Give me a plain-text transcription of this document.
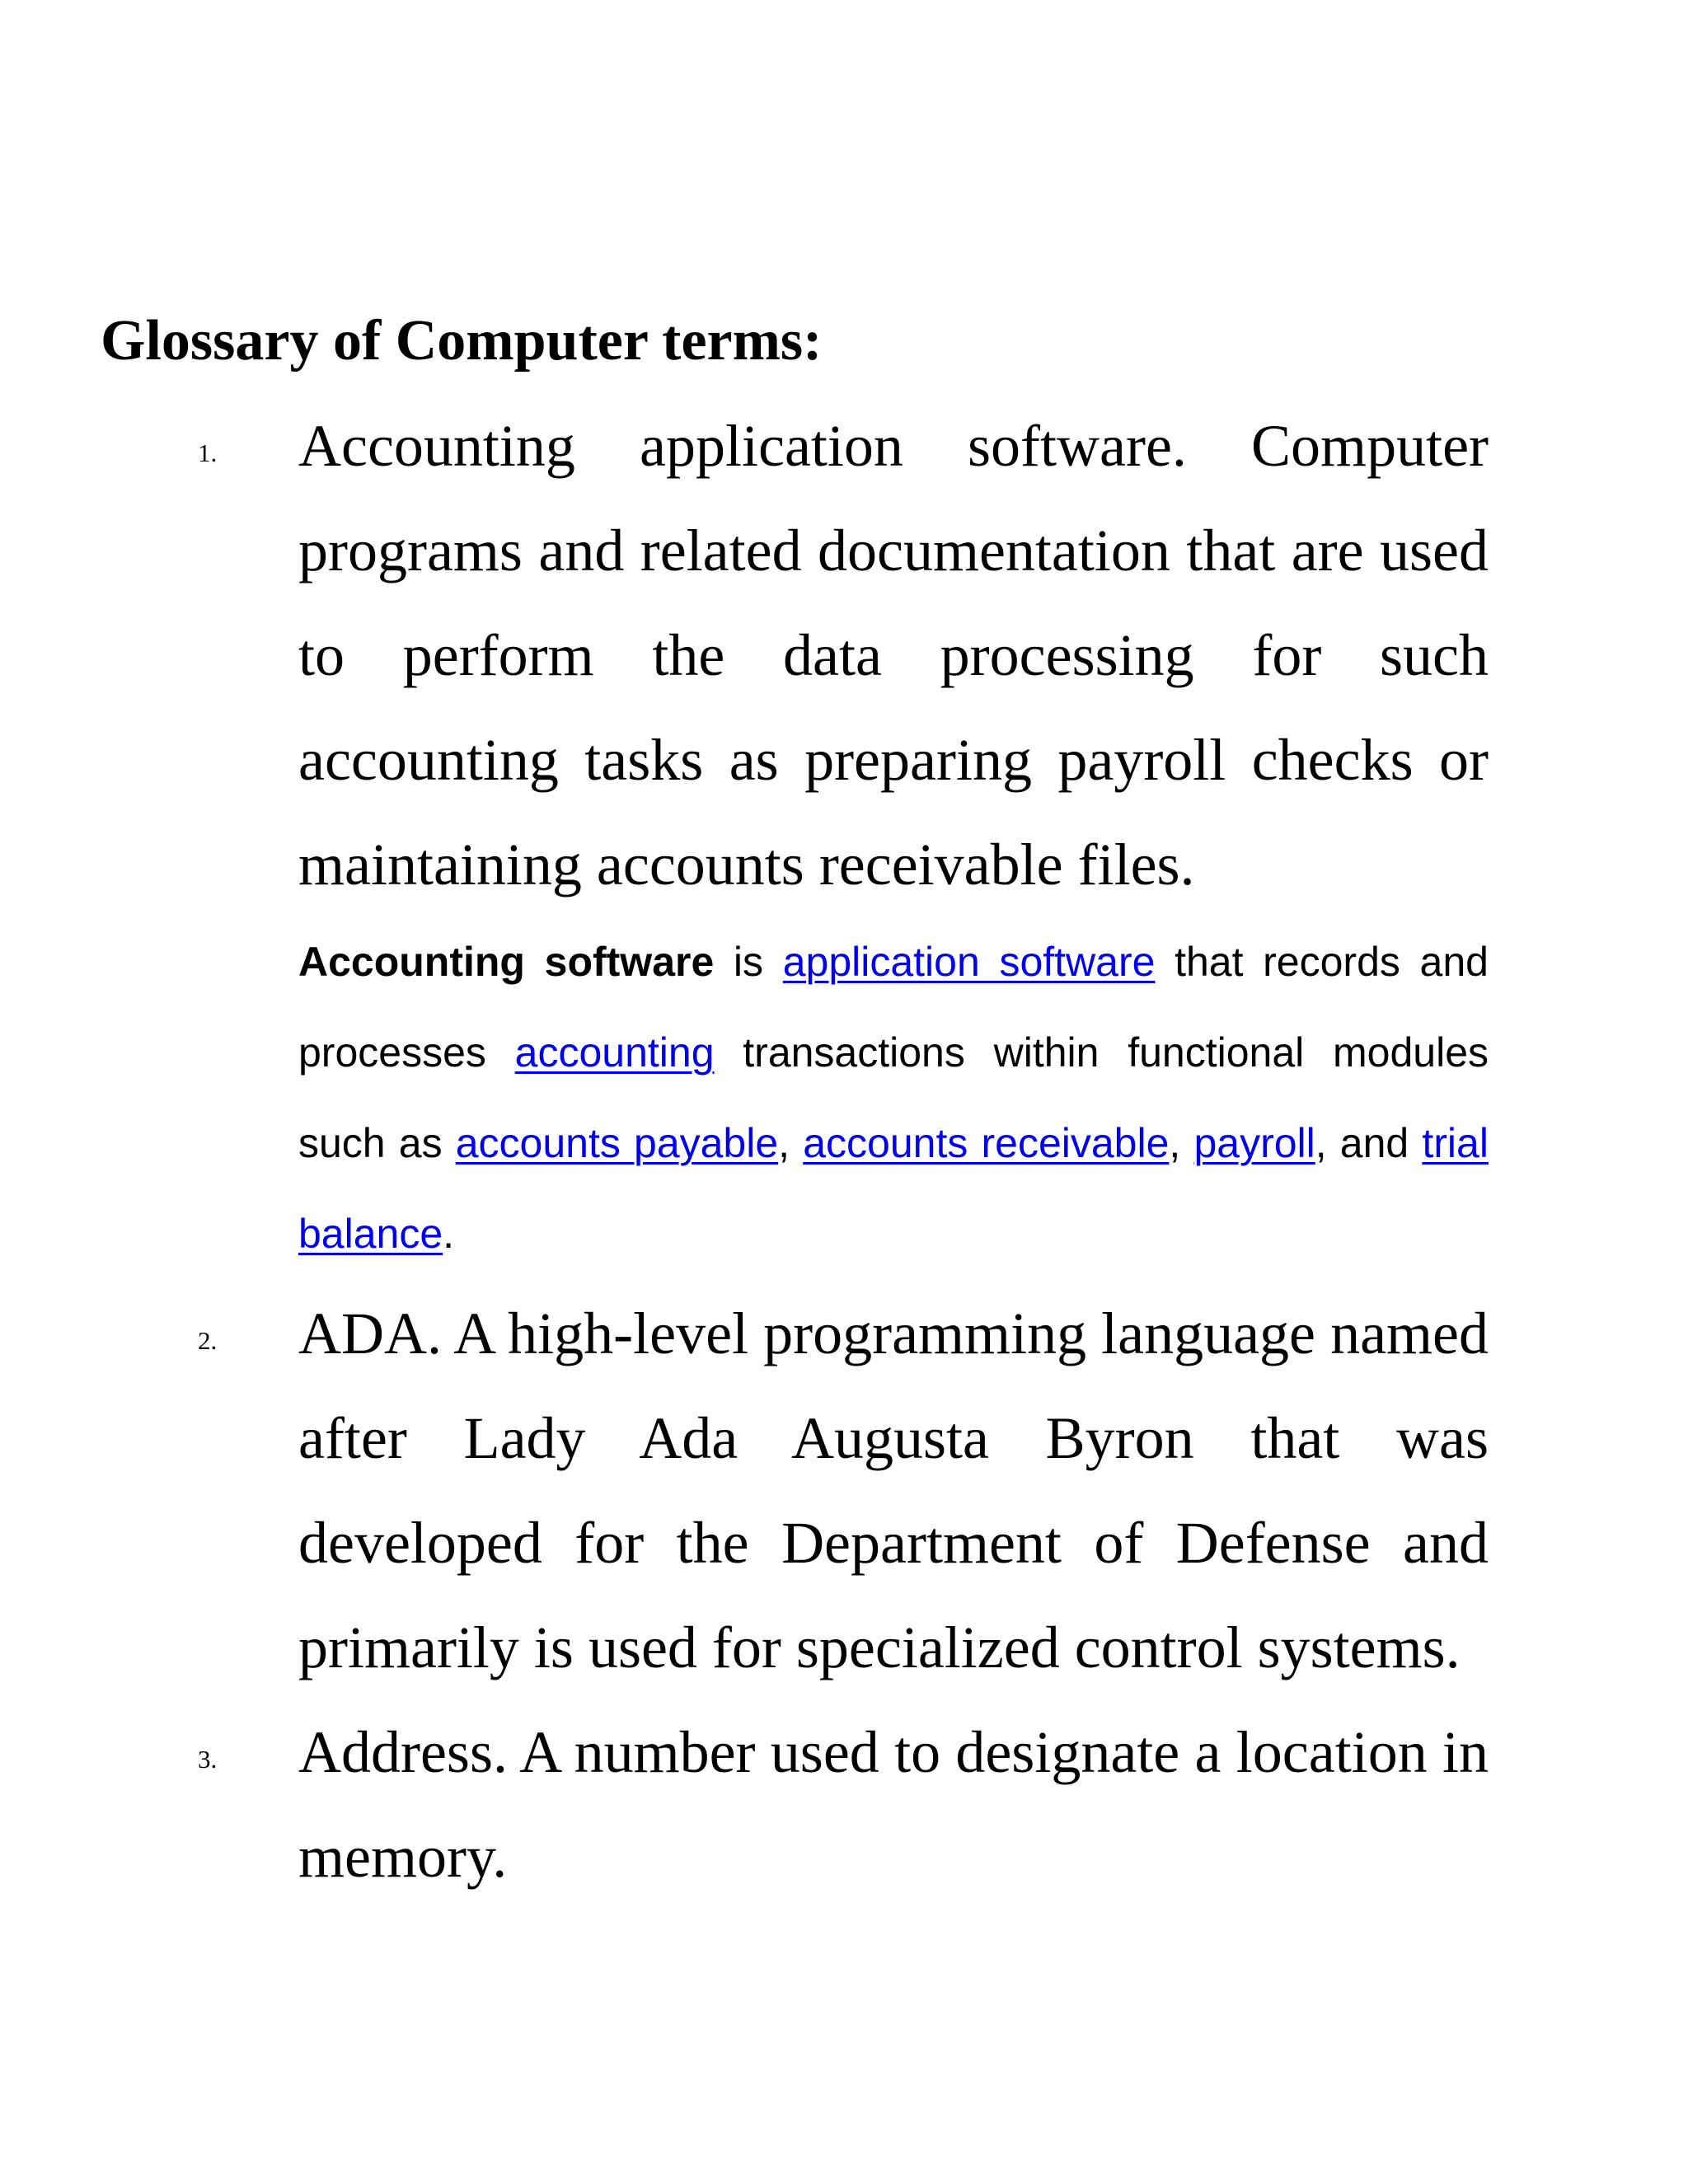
Glossary of Computer terms:
1. Accounting application software. Computer programs and related documentation that are used to perform the data processing for such accounting tasks as preparing payroll checks or maintaining accounts receivable files.

Accounting software is application software that records and processes accounting transactions within functional modules such as accounts payable, accounts receivable, payroll, and trial balance.

2. ADA. A high-level programming language named after Lady Ada Augusta Byron that was developed for the Department of Defense and primarily is used for specialized control systems.

3. Address. A number used to designate a location in memory.
